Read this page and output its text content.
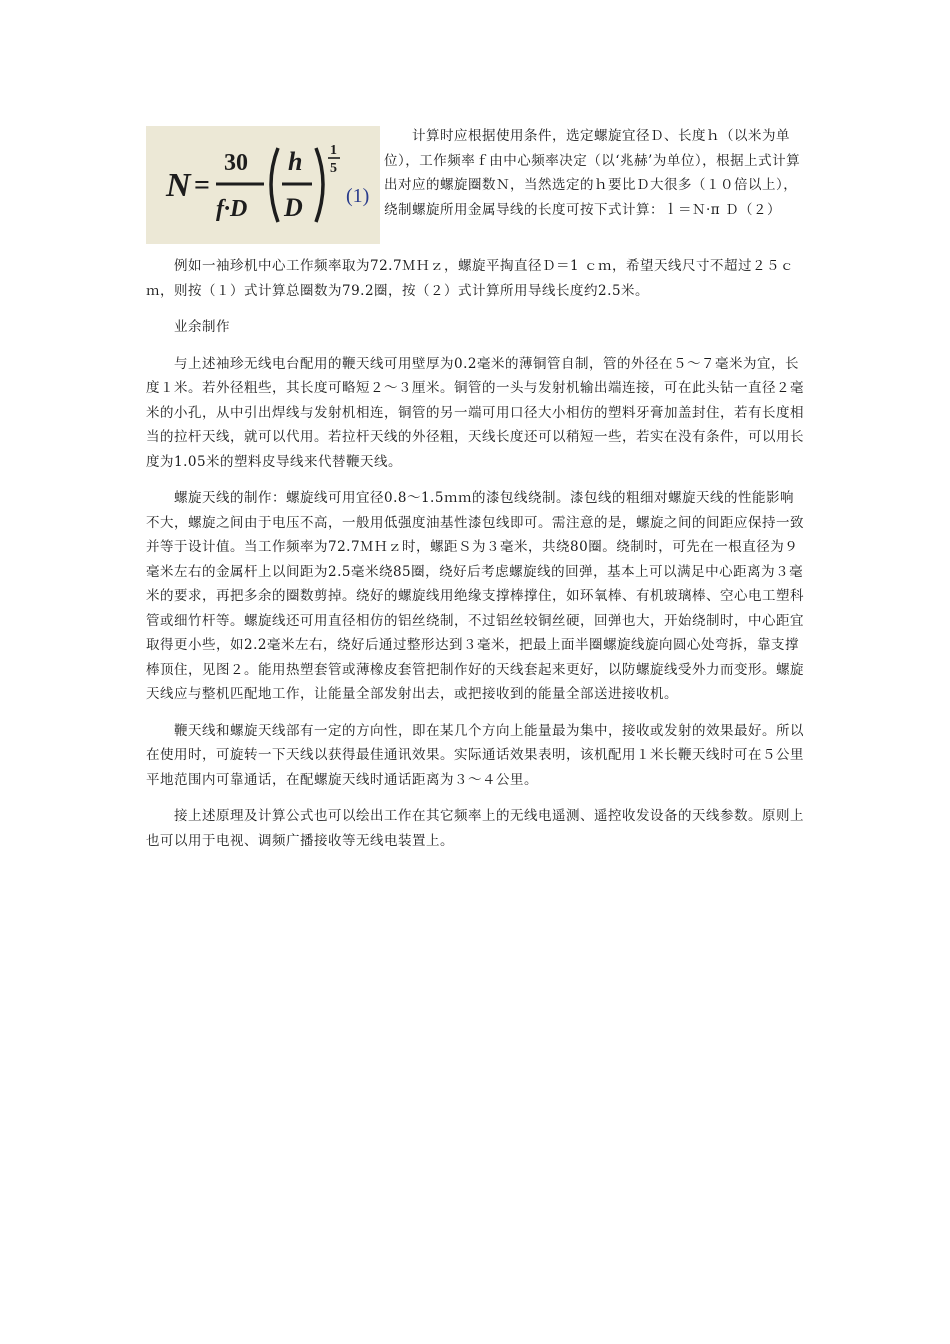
N =
30
f·D
h
D
1
5
(1)

计算时应根据使用条件，选定螺旋宜径Ｄ、长度ｈ（以米为单位），工作频率ｆ由中心频率决定（以‘兆赫’为单位），根据上式计算出对应的螺旋圈数Ｎ，当然选定的ｈ要比Ｄ大很多（１０倍以上），绕制螺旋所用金属导线的长度可按下式计算：ｌ＝Ｎ·π Ｄ（２）

例如一袖珍机中心工作频率取为72.7ＭＨｚ，螺旋平掏直径Ｄ＝1 ｃｍ，希望天线尺寸不超过２５ｃｍ，则按（１）式计算总圈数为79.2圈，按（２）式计算所用导线长度约2.5米。

业余制作

与上述袖珍无线电台配用的鞭天线可用壁厚为0.2毫米的薄铜管自制，管的外径在５～７毫米为宜，长度１米。若外径粗些，其长度可略短２～３厘米。铜管的一头与发射机输出端连接，可在此头钻一直径２毫米的小孔，从中引出焊线与发射机相连，铜管的另一端可用口径大小相仿的塑料牙膏加盖封住，若有长度相当的拉杆天线，就可以代用。若拉杆天线的外径粗，天线长度还可以稍短一些，若实在没有条件，可以用长度为1.05米的塑料皮导线来代替鞭天线。

螺旋天线的制作：螺旋线可用宜径0.8～1.5ｍｍ的漆包线绕制。漆包线的粗细对螺旋天线的性能影响不大，螺旋之间由于电压不高，一般用低强度油基性漆包线即可。需注意的是，螺旋之间的间距应保持一致并等于设计值。当工作频率为72.7ＭＨｚ时，螺距Ｓ为３毫米，共绕80圈。绕制时，可先在一根直径为９毫米左右的金属杆上以间距为2.5毫米绕85圈，绕好后考虑螺旋线的回弹，基本上可以满足中心距离为３毫米的要求，再把多余的圈数剪掉。绕好的螺旋线用绝缘支撑棒撑住，如环氧棒、有机玻璃棒、空心电工塑科管或细竹杆等。螺旋线还可用直径相仿的铝丝绕制，不过铝丝较铜丝硬，回弹也大，开始绕制时，中心距宜取得更小些，如2.2毫米左右，绕好后通过整形达到３毫米，把最上面半圈螺旋线旋向圆心处弯拆，靠支撑棒顶住，见图２。能用热塑套管或薄橡皮套管把制作好的天线套起来更好，以防螺旋线受外力而变形。螺旋天线应与整机匹配地工作，让能量全部发射出去，或把接收到的能量全部送进接收机。

鞭天线和螺旋天线部有一定的方向性，即在某几个方向上能量最为集中，接收或发射的效果最好。所以在使用时，可旋转一下天线以获得最佳通讯效果。实际通话效果表明，该机配用１米长鞭天线时可在５公里平地范围内可靠通话，在配螺旋天线时通话距离为３～４公里。

接上述原理及计算公式也可以绘出工作在其它频率上的无线电遥测、遥控收发设备的天线参数。原则上也可以用于电视、调频广播接收等无线电装置上。
